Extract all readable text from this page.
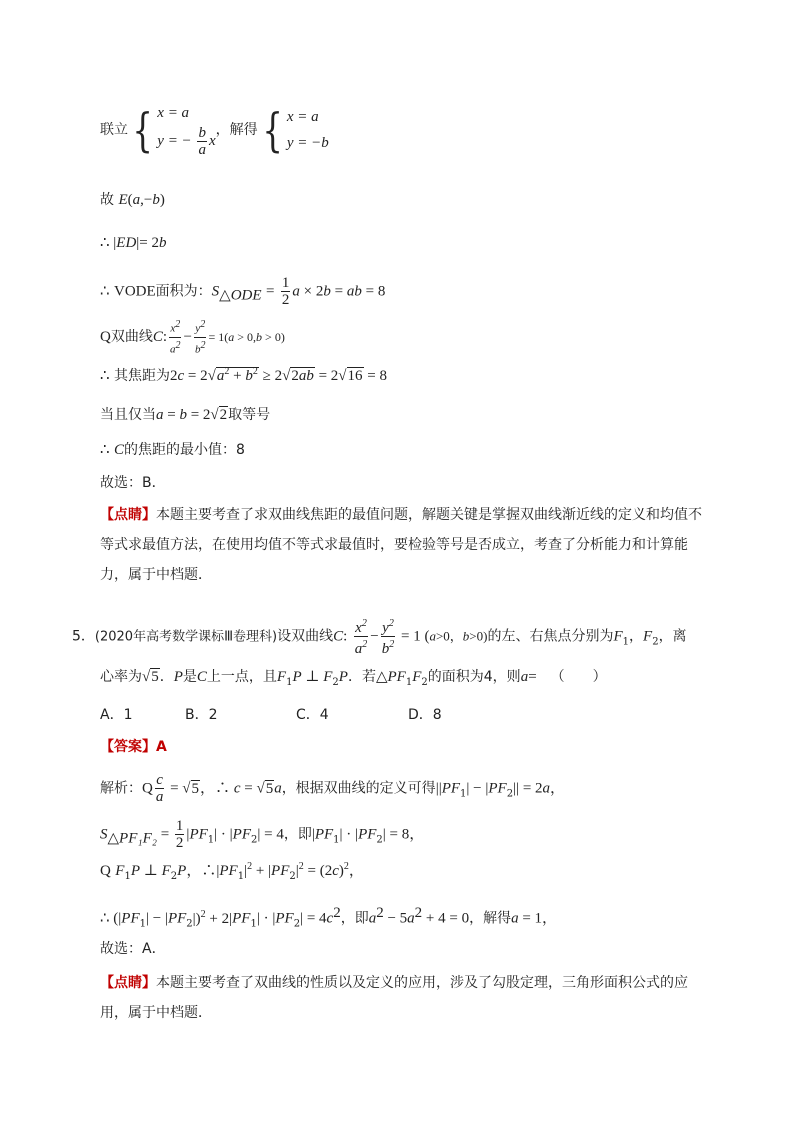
联立 { x = a
y = − $\frac{b}{a}$ x
，解得 { x = a
y = −b
故 E(a,−b)
∴ |ED|= 2b
∴ VODE面积为：$S_{\triangle ODE} = \frac{1}{2}$ a × 2b = ab = 8
Q双曲线C: $\frac{x^2}{a^2} - \frac{y^2}{b^2} = 1(a > 0,b > 0)$
∴ 其焦距为$2c = 2√a^2 + b^2 \ge 2√2ab = 2√16 = 8$
当且仅当a = b = 2√2取等号
∴ C的焦距的最小值：8
故选：B．
【点睛】本题主要考查了求双曲线焦距的最值问题，解题关键是掌握双曲线渐近线的定义和均值不等式求最值方法，在使用均值不等式求最值时，要检验等号是否成立，考查了分析能力和计算能力，属于中档题．
5．(2020年高考数学课标Ⅲ卷理科)设双曲线C: $\frac{x^2}{a^2} - \frac{y^2}{b^2} = 1$ (a>0，b>0)的左、右焦点分别为$F_1$，$F_2$，离
心率为√5．P是C上一点，且$F_1P$ ⊥ $F_2P$．若$\triangle PF_1F_2$的面积为4，则a= （　　）
A．1	B．2	C．4	D．8
【答案】A
解析：Q $\frac{c}{a} = √5$，∴ c = √5a，根据双曲线的定义可得$||PF_1| - |PF_2|| = 2a$，
$S_{\triangle PF_1F_2} = \frac{1}{2} |PF_1| \cdot |PF_2| = 4$，即$|PF_1| \cdot |PF_2| = 8$，
Q $F_1P$ ⊥ $F_2P$，$\therefore|PF_1|^2 + |PF_2|^2 = (2c)^2$，
∴ $(|PF_1| - |PF_2|)^2 + 2|PF_1| \cdot |PF_2| = 4c^2$，即$a^2 - 5a^2 + 4 = 0$，解得a = 1，
故选：A．
【点睛】本题主要考查了双曲线的性质以及定义的应用，涉及了勾股定理，三角形面积公式的应用，属于中档题．
